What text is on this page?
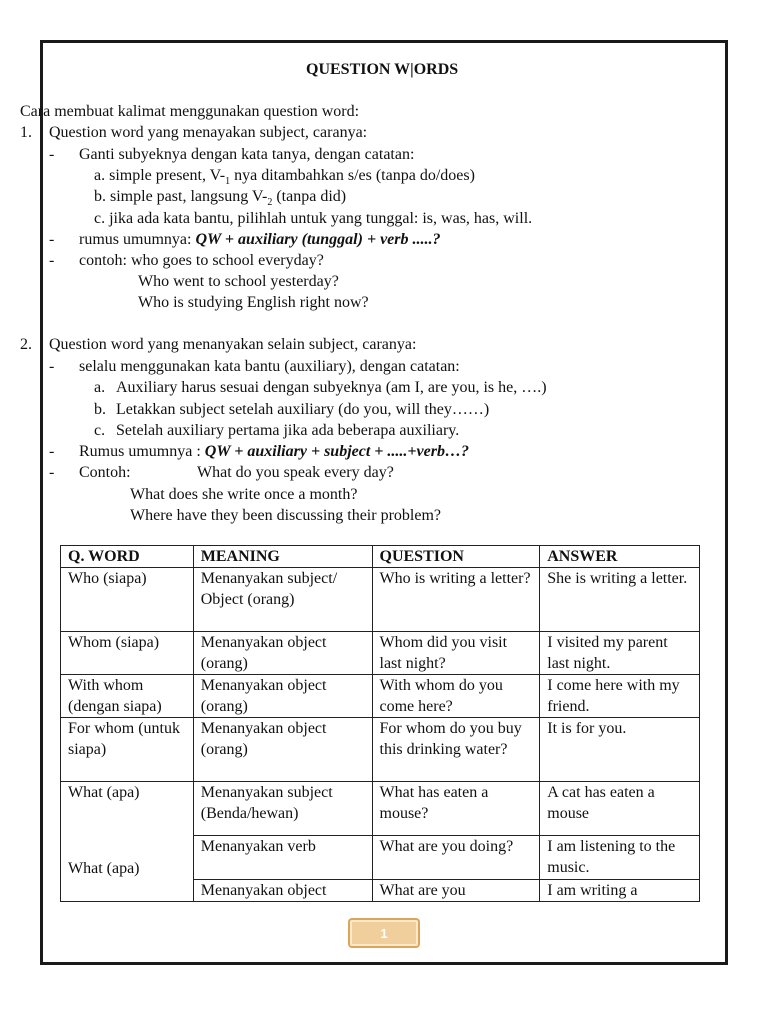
QUESTION W|ORDS
Cara membuat kalimat menggunakan question word:
1. Question word yang menayakan subject, caranya:
- Ganti subyeknya dengan kata tanya, dengan catatan:
a. simple present, $V-_1$ nya ditambahkan s/es (tanpa do/does)
b. simple past, langsung $V-_2$ (tanpa did)
c. jika ada kata bantu, pilihlah untuk yang tunggal: is, was, has, will.
- rumus umumnya: QW + auxiliary (tunggal) + verb .....?
- contoh: who goes to school everyday?
Who went to school yesterday?
Who is studying English right now?
2. Question word yang menanyakan selain subject, caranya:
- selalu menggunakan kata bantu (auxiliary), dengan catatan:
a. Auxiliary harus sesuai dengan subyeknya (am I, are you, is he, ….)
b. Letakkan subject setelah auxiliary (do you, will they……)
c. Setelah auxiliary pertama jika ada beberapa auxiliary.
- Rumus umumnya : QW + auxiliary + subject + .....+verb…?
- Contoh:	What do you speak every day?
What does she write once a month?
Where have they been discussing their problem?
Q. WORD	MEANING	QUESTION	ANSWER
Who (siapa)	Menanyakan subject/ Object (orang)	Who is writing a letter?	She is writing a letter.
Whom (siapa)	Menanyakan object (orang)	Whom did you visit last night?	I visited my parent last night.
With whom (dengan siapa)	Menanyakan object (orang)	With whom do you come here?	I come here with my friend.
For whom (untuk siapa)	Menanyakan object (orang)	For whom do you buy this drinking water?	It is for you.
What (apa)	Menanyakan subject (Benda/hewan)	What has eaten a mouse?	A cat has eaten a mouse
What (apa)	Menanyakan verb	What are you doing?	I am listening to the music.
	Menanyakan object	What are you	I am writing a
1
